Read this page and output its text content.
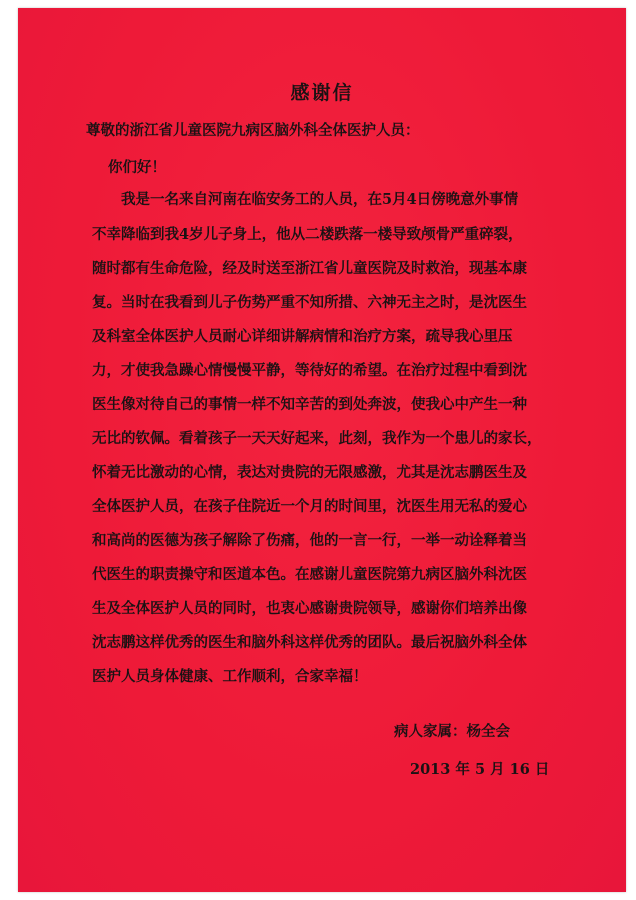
感谢信
尊敬的浙江省儿童医院九病区脑外科全体医护人员：
你们好！
　　我是一名来自河南在临安务工的人员，在5月4日傍晚意外事情
不幸降临到我4岁儿子身上，他从二楼跌落一楼导致颅骨严重碎裂，
随时都有生命危险，经及时送至浙江省儿童医院及时救治，现基本康
复。当时在我看到儿子伤势严重不知所措、六神无主之时，是沈医生
及科室全体医护人员耐心详细讲解病情和治疗方案，疏导我心里压
力，才使我急躁心情慢慢平静，等待好的希望。在治疗过程中看到沈
医生像对待自己的事情一样不知辛苦的到处奔波，使我心中产生一种
无比的钦佩。看着孩子一天天好起来，此刻，我作为一个患儿的家长，
怀着无比激动的心情，表达对贵院的无限感激，尤其是沈志鹏医生及
全体医护人员，在孩子住院近一个月的时间里，沈医生用无私的爱心
和高尚的医德为孩子解除了伤痛，他的一言一行，一举一动诠释着当
代医生的职责操守和医道本色。在感谢儿童医院第九病区脑外科沈医
生及全体医护人员的同时，也衷心感谢贵院领导，感谢你们培养出像
沈志鹏这样优秀的医生和脑外科这样优秀的团队。最后祝脑外科全体
医护人员身体健康、工作顺利，合家幸福！
病人家属：杨全会
2013 年 5 月 16 日
